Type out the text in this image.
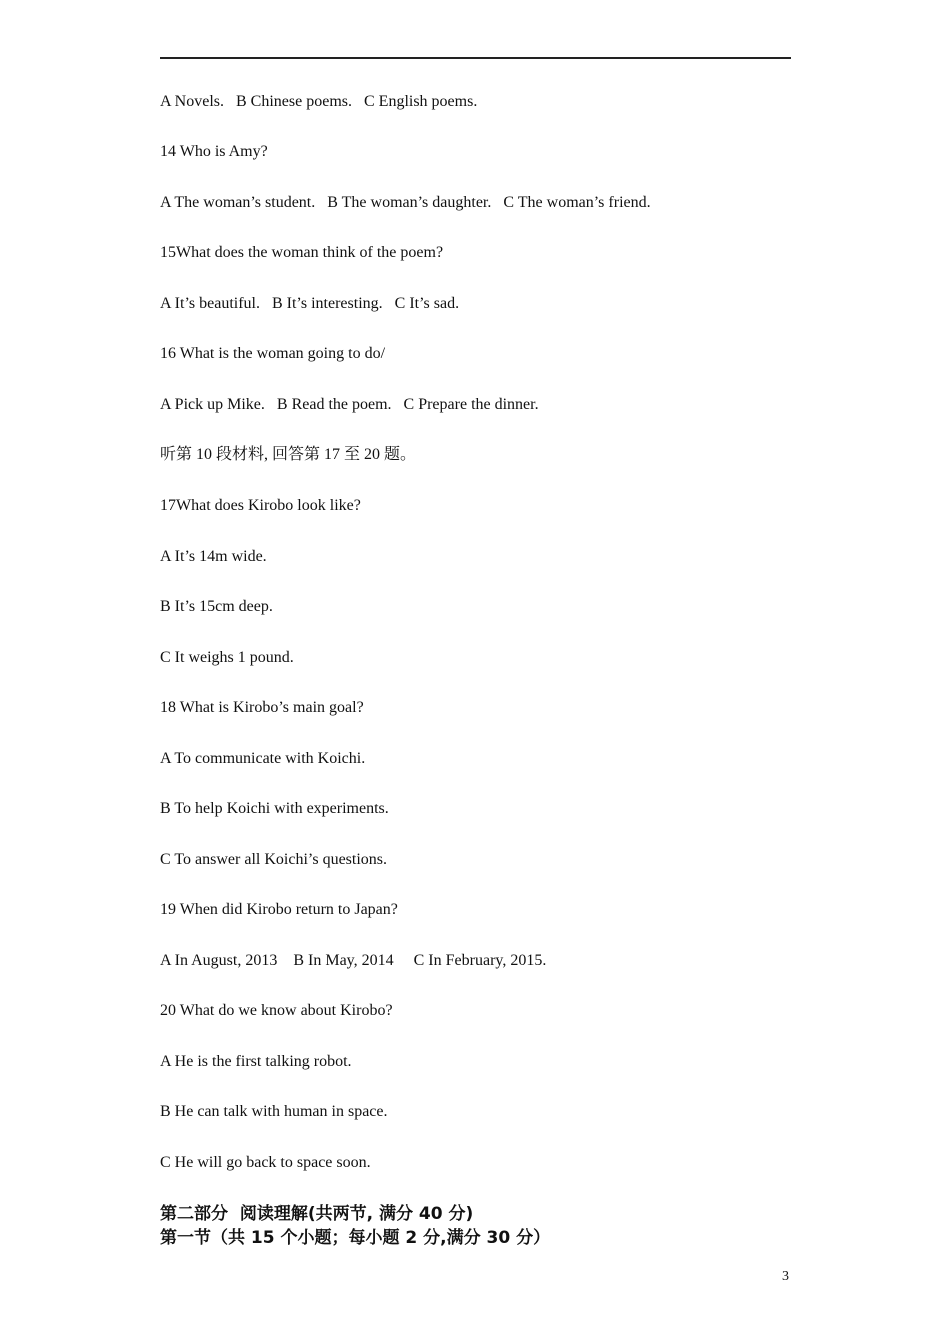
A Novels.   B Chinese poems.   C English poems.
14 Who is Amy?
A The woman’s student.   B The woman’s daughter.   C The woman’s friend.
15What does the woman think of the poem?
A It’s beautiful.   B It’s interesting.   C It’s sad.
16 What is the woman going to do/
A Pick up Mike.   B Read the poem.   C Prepare the dinner.
听第 10 段材料, 回答第 17 至 20 题。
17What does Kirobo look like?
A It’s 14m wide.
B It’s 15cm deep.
C It weighs 1 pound.
18 What is Kirobo’s main goal?
A To communicate with Koichi.
B To help Koichi with experiments.
C To answer all Koichi’s questions.
19 When did Kirobo return to Japan?
A In August, 2013    B In May, 2014     C In February, 2015.
20 What do we know about Kirobo?
A He is the first talking robot.
B He can talk with human in space.
C He will go back to space soon.
第二部分  阅读理解(共两节, 满分 40 分)
第一节（共 15 个小题；每小题 2 分,满分 30 分）
3
